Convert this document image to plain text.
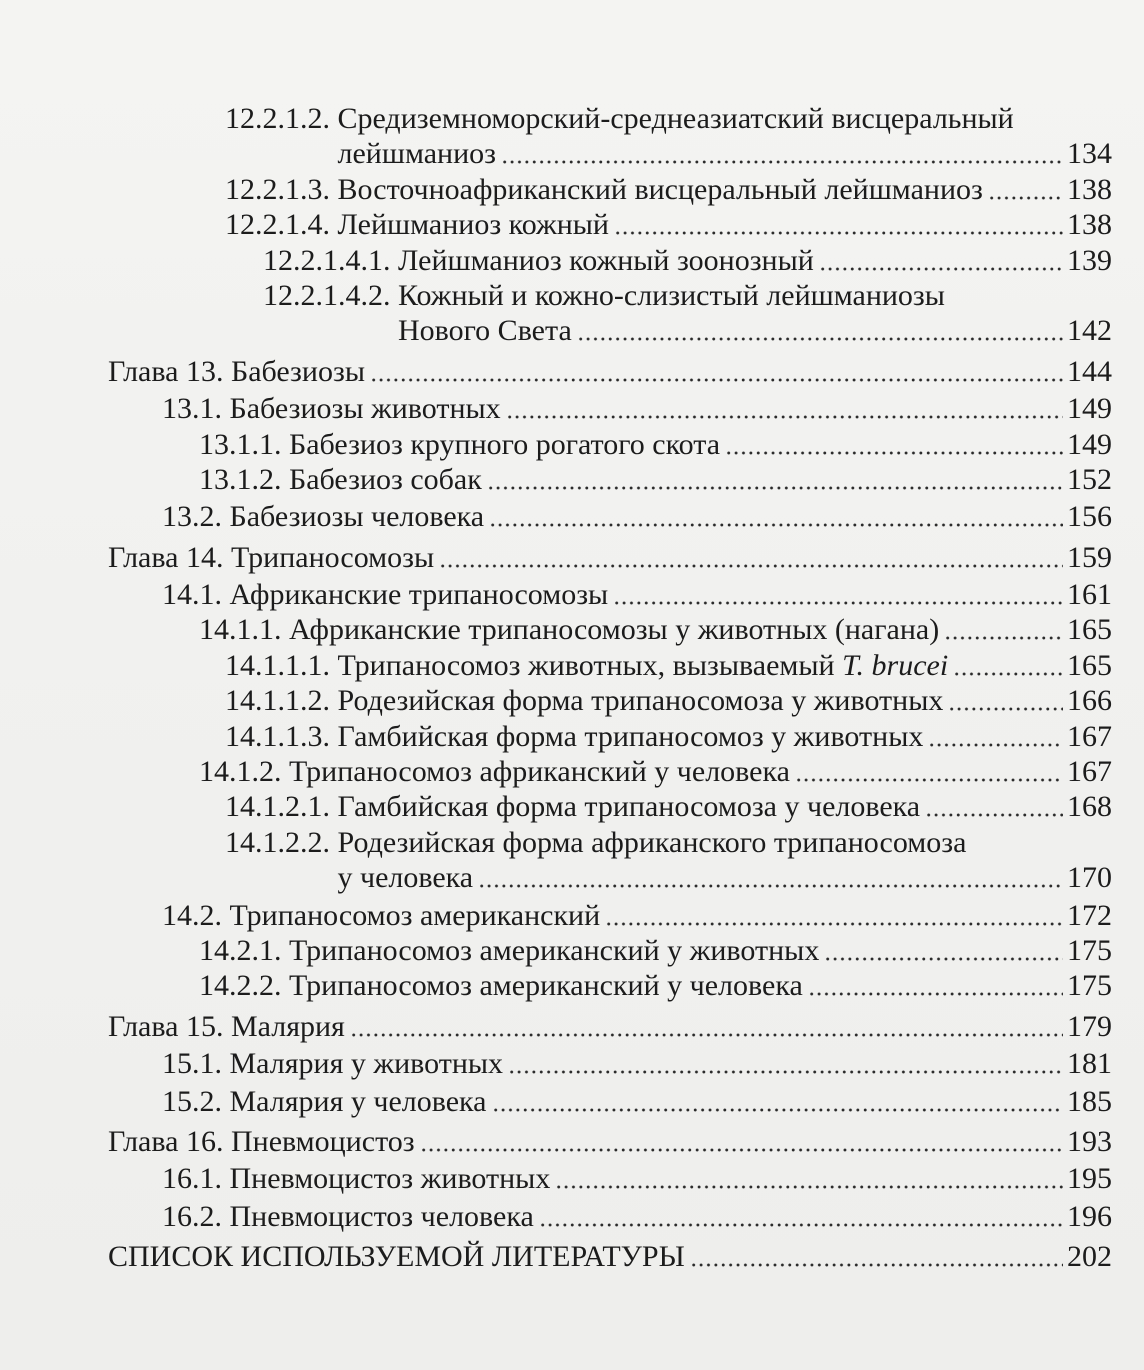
12.2.1.2. Средиземноморский-среднеазиатский висцеральный
лейшманиоз	134
12.2.1.3. Восточноафриканский висцеральный лейшманиоз	138
12.2.1.4. Лейшманиоз кожный	138
12.2.1.4.1. Лейшманиоз кожный зоонозный	139
12.2.1.4.2. Кожный и кожно-слизистый лейшманиозы
Нового Света	142
Глава 13. Бабезиозы	144
13.1. Бабезиозы животных	149
13.1.1. Бабезиоз крупного рогатого скота	149
13.1.2. Бабезиоз собак	152
13.2. Бабезиозы человека	156
Глава 14. Трипаносомозы	159
14.1. Африканские трипаносомозы	161
14.1.1. Африканские трипаносомозы у животных (нагана)	165
14.1.1.1. Трипаносомоз животных, вызываемый T. brucei	165
14.1.1.2. Родезийская форма трипаносомоза у животных	166
14.1.1.3. Гамбийская форма трипаносомоз у животных	167
14.1.2. Трипаносомоз африканский у человека	167
14.1.2.1. Гамбийская форма трипаносомоза у человека	168
14.1.2.2. Родезийская форма африканского трипаносомоза
у человека	170
14.2. Трипаносомоз американский	172
14.2.1. Трипаносомоз американский у животных	175
14.2.2. Трипаносомоз американский у человека	175
Глава 15. Малярия	179
15.1. Малярия у животных	181
15.2. Малярия у человека	185
Глава 16. Пневмоцистоз	193
16.1. Пневмоцистоз животных	195
16.2. Пневмоцистоз человека	196
СПИСОК ИСПОЛЬЗУЕМОЙ ЛИТЕРАТУРЫ	202
